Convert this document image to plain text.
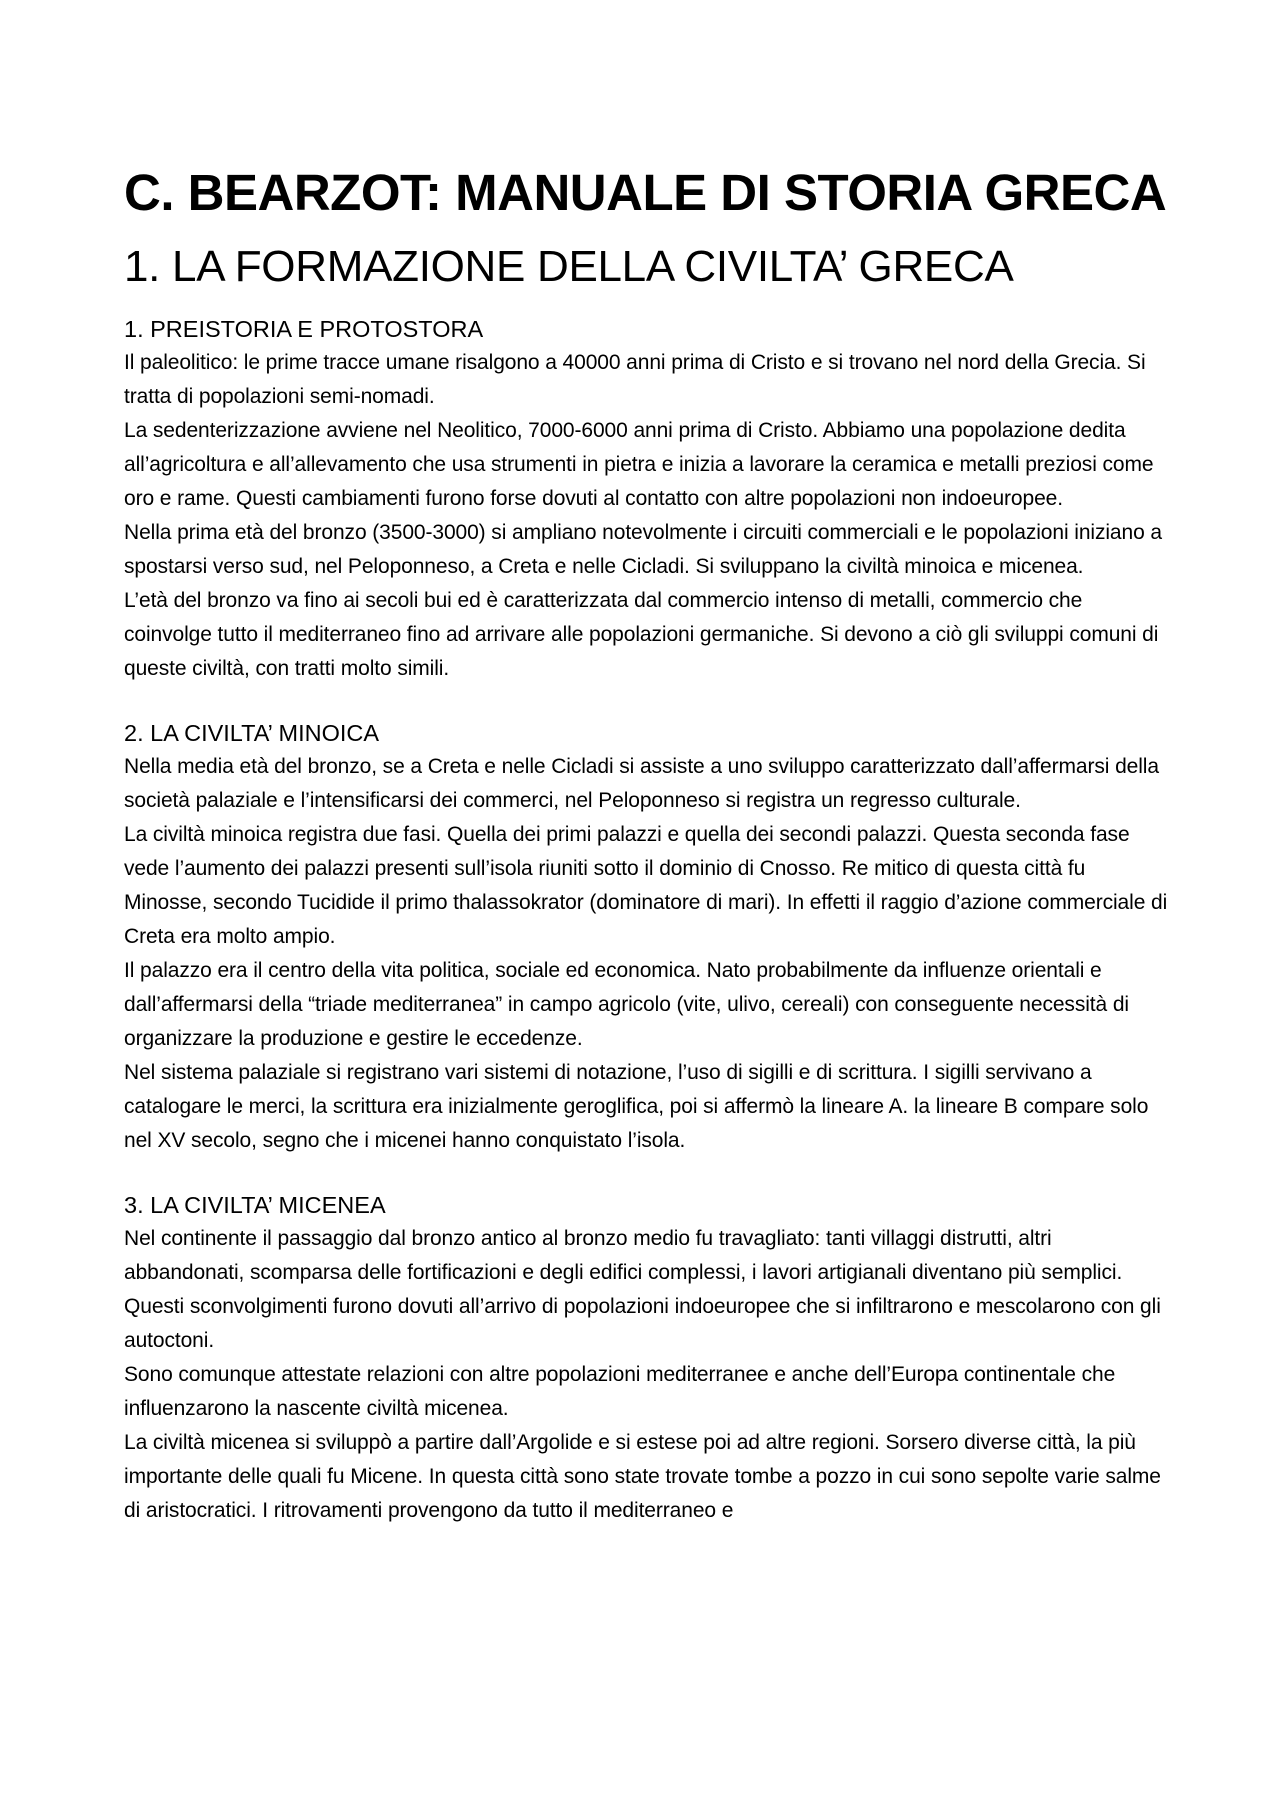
C. BEARZOT: MANUALE DI STORIA GRECA
1. LA FORMAZIONE DELLA CIVILTA’ GRECA
1. PREISTORIA E PROTOSTORA

Il paleolitico: le prime tracce umane risalgono a 40000 anni prima di Cristo e si trovano nel nord della Grecia. Si tratta di popolazioni semi-nomadi.

La sedenterizzazione avviene nel Neolitico, 7000-6000 anni prima di Cristo. Abbiamo una popolazione dedita all’agricoltura e all’allevamento che usa strumenti in pietra e inizia a lavorare la ceramica e metalli preziosi come oro e rame. Questi cambiamenti furono forse dovuti al contatto con altre popolazioni non indoeuropee.

Nella prima età del bronzo (3500-3000) si ampliano notevolmente i circuiti commerciali e le popolazioni iniziano a spostarsi verso sud, nel Peloponneso, a Creta e nelle Cicladi. Si sviluppano la civiltà minoica e micenea.

L’età del bronzo va fino ai secoli bui ed è caratterizzata dal commercio intenso di metalli, commercio che coinvolge tutto il mediterraneo fino ad arrivare alle popolazioni germaniche. Si devono a ciò gli sviluppi comuni di queste civiltà, con tratti molto simili.

2. LA CIVILTA’ MINOICA

Nella media età del bronzo, se a Creta e nelle Cicladi si assiste a uno sviluppo caratterizzato dall’affermarsi della società palaziale e l’intensificarsi dei commerci, nel Peloponneso si registra un regresso culturale.

La civiltà minoica registra due fasi. Quella dei primi palazzi e quella dei secondi palazzi. Questa seconda fase vede l’aumento dei palazzi presenti sull’isola riuniti sotto il dominio di Cnosso. Re mitico di questa città fu Minosse, secondo Tucidide il primo thalassokrator (dominatore di mari). In effetti il raggio d’azione commerciale di Creta era molto ampio.

Il palazzo era il centro della vita politica, sociale ed economica. Nato probabilmente da influenze orientali e dall’affermarsi della “triade mediterranea” in campo agricolo (vite, ulivo, cereali) con conseguente necessità di organizzare la produzione e gestire le eccedenze.

Nel sistema palaziale si registrano vari sistemi di notazione, l’uso di sigilli e di scrittura. I sigilli servivano a catalogare le merci, la scrittura era inizialmente geroglifica, poi si affermò la lineare A. la lineare B compare solo nel XV secolo, segno che i micenei hanno conquistato l’isola.

3. LA CIVILTA’ MICENEA

Nel continente il passaggio dal bronzo antico al bronzo medio fu travagliato: tanti villaggi distrutti, altri abbandonati, scomparsa delle fortificazioni e degli edifici complessi, i lavori artigianali diventano più semplici. Questi sconvolgimenti furono dovuti all’arrivo di popolazioni indoeuropee che si infiltrarono e mescolarono con gli autoctoni.

Sono comunque attestate relazioni con altre popolazioni mediterranee e anche dell’Europa continentale che influenzarono la nascente civiltà micenea.

La civiltà micenea si sviluppò a partire dall’Argolide e si estese poi ad altre regioni. Sorsero diverse città, la più importante delle quali fu Micene. In questa città sono state trovate tombe a pozzo in cui sono sepolte varie salme di aristocratici. I ritrovamenti provengono da tutto il mediterraneo e
